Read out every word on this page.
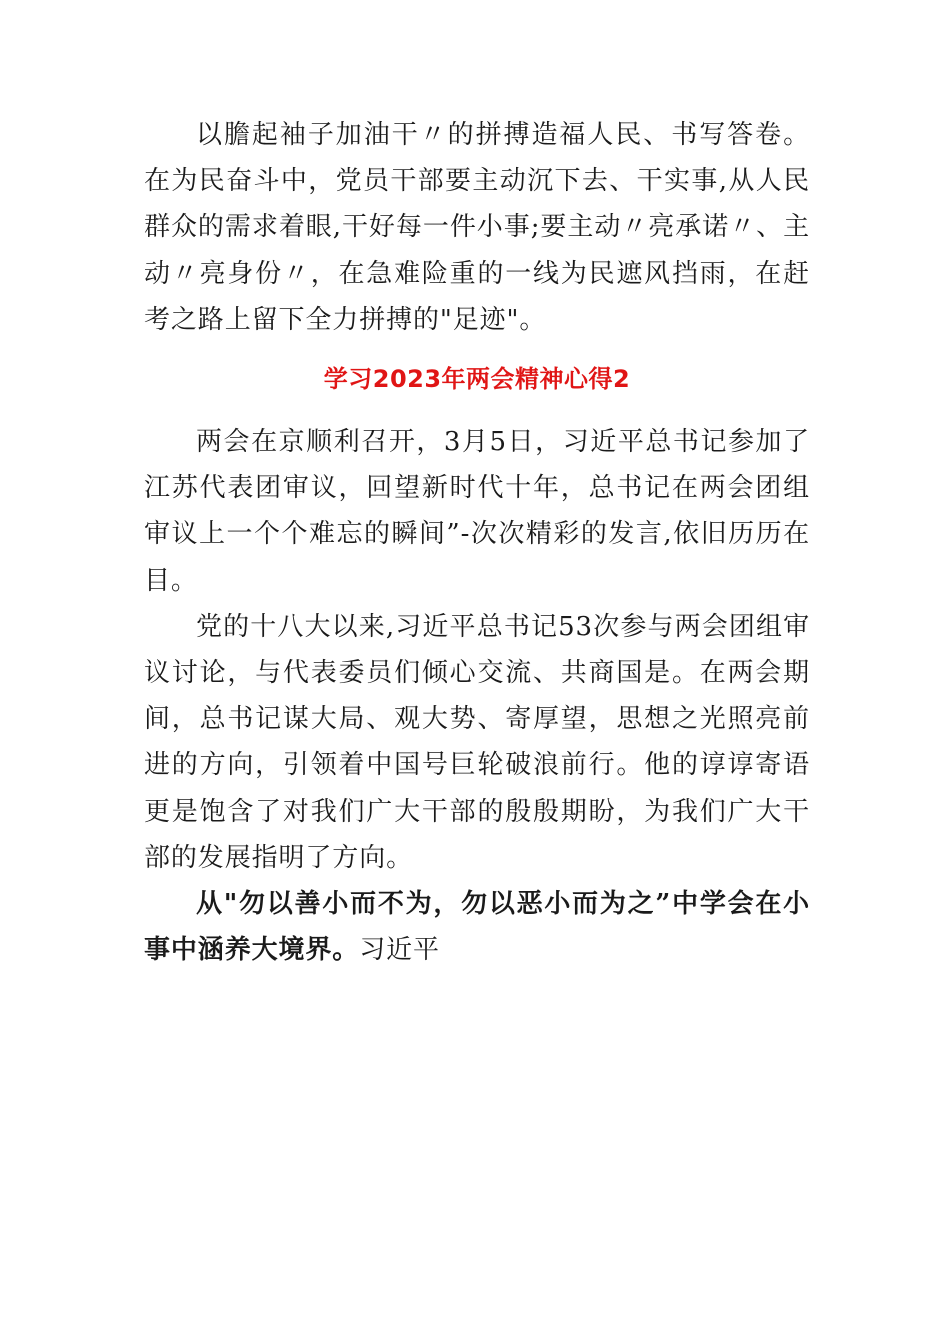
以膽起袖子加油干〃的拼搏造福人民、书写答卷。在为民奋斗中，党员干部要主动沉下去、干实事,从人民群众的需求着眼,干好每一件小事;要主动〃亮承诺〃、主动〃亮身份〃，在急难险重的一线为民遮风挡雨，在赶考之路上留下全力拼搏的"足迹"。

学习2023年两会精神心得2

两会在京顺利召开，3月5日，习近平总书记参加了江苏代表团审议，回望新时代十年，总书记在两会团组审议上一个个难忘的瞬间”-次次精彩的发言,依旧历历在目。

党的十八大以来,习近平总书记53次参与两会团组审议讨论，与代表委员们倾心交流、共商国是。在两会期间，总书记谋大局、观大势、寄厚望，思想之光照亮前进的方向，引领着中国号巨轮破浪前行。他的谆谆寄语更是饱含了对我们广大干部的殷殷期盼，为我们广大干部的发展指明了方向。

从"勿以善小而不为，勿以恶小而为之”中学会在小事中涵养大境界。习近平
